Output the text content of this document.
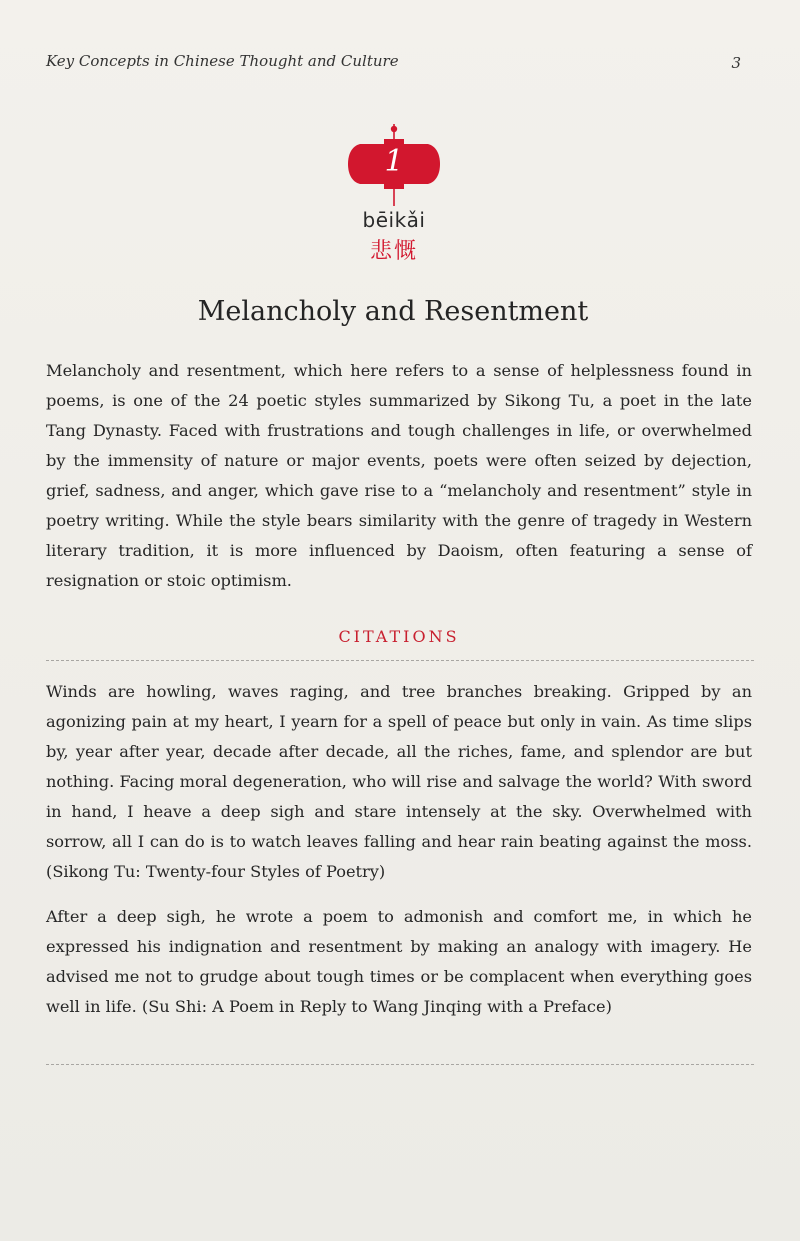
Key Concepts in Chinese Thought and Culture	3
1
bēikǎi
悲慨
Melancholy and Resentment

Melancholy and resentment, which here refers to a sense of helplessness found in poems, is one of the 24 poetic styles summarized by Sikong Tu, a poet in the late Tang Dynasty. Faced with frustrations and tough challenges in life, or overwhelmed by the immensity of nature or major events, poets were often seized by dejection, grief, sadness, and anger, which gave rise to a “melancholy and resentment” style in poetry writing. While the style bears similarity with the genre of tragedy in Western literary tradition, it is more influenced by Daoism, often featuring a sense of resignation or stoic optimism.

CITATIONS

Winds are howling, waves raging, and tree branches breaking. Gripped by an agonizing pain at my heart, I yearn for a spell of peace but only in vain. As time slips by, year after year, decade after decade, all the riches, fame, and splendor are but nothing. Facing moral degeneration, who will rise and salvage the world? With sword in hand, I heave a deep sigh and stare intensely at the sky. Overwhelmed with sorrow, all I can do is to watch leaves falling and hear rain beating against the moss. (Sikong Tu: Twenty-four Styles of Poetry)

After a deep sigh, he wrote a poem to admonish and comfort me, in which he expressed his indignation and resentment by making an analogy with imagery. He advised me not to grudge about tough times or be complacent when everything goes well in life. (Su Shi: A Poem in Reply to Wang Jinqing with a Preface)
